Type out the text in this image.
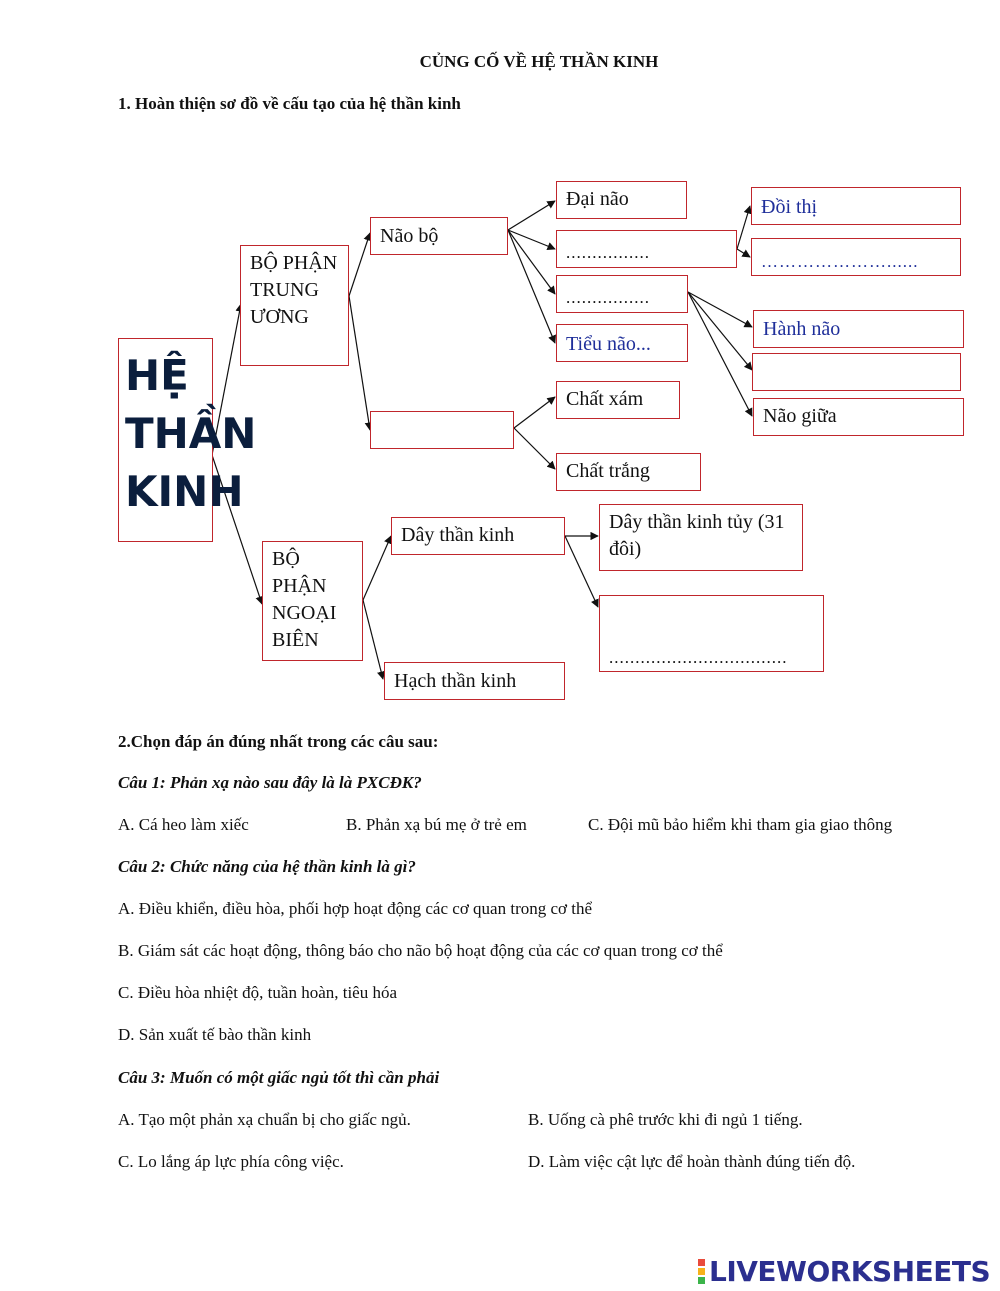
CỦNG CỐ VỀ HỆ THẦN KINH
1. Hoàn thiện sơ đồ về cấu tạo của hệ thần kinh
HỆ THẦN KINH
BỘ PHẬN TRUNG ƯƠNG
BỘ PHẬN NGOẠI BIÊN
Não bộ
Đại não
................
................
Tiểu não...
Chất xám
Chất trắng
Đồi thị
…………………......
Hành não
Não giữa
Dây thần kinh
Hạch thần kinh
Dây thần kinh tủy (31 đôi)
..................................
2.Chọn đáp án đúng nhất trong các câu sau:
Câu 1: Phản xạ nào sau đây là là PXCĐK?
A. Cá heo làm xiếc	B. Phản xạ bú mẹ ở trẻ em	C. Đội mũ bảo hiểm khi tham gia giao thông
Câu 2: Chức năng của hệ thần kinh là gì?
A. Điều khiển, điều hòa, phối hợp hoạt động các cơ quan trong cơ thể
B. Giám sát các hoạt động, thông báo cho não bộ hoạt động của các cơ quan trong cơ thể
C. Điều hòa nhiệt độ, tuần hoàn, tiêu hóa
D. Sản xuất tế bào thần kinh
Câu 3: Muốn có một giấc ngủ tốt thì cần phải
A. Tạo một phản xạ chuẩn bị cho giấc ngủ.	B. Uống cà phê trước khi đi ngủ 1 tiếng.
C. Lo lắng áp lực phía công việc.	D. Làm việc cật lực để hoàn thành đúng tiến độ.
LIVEWORKSHEETS
